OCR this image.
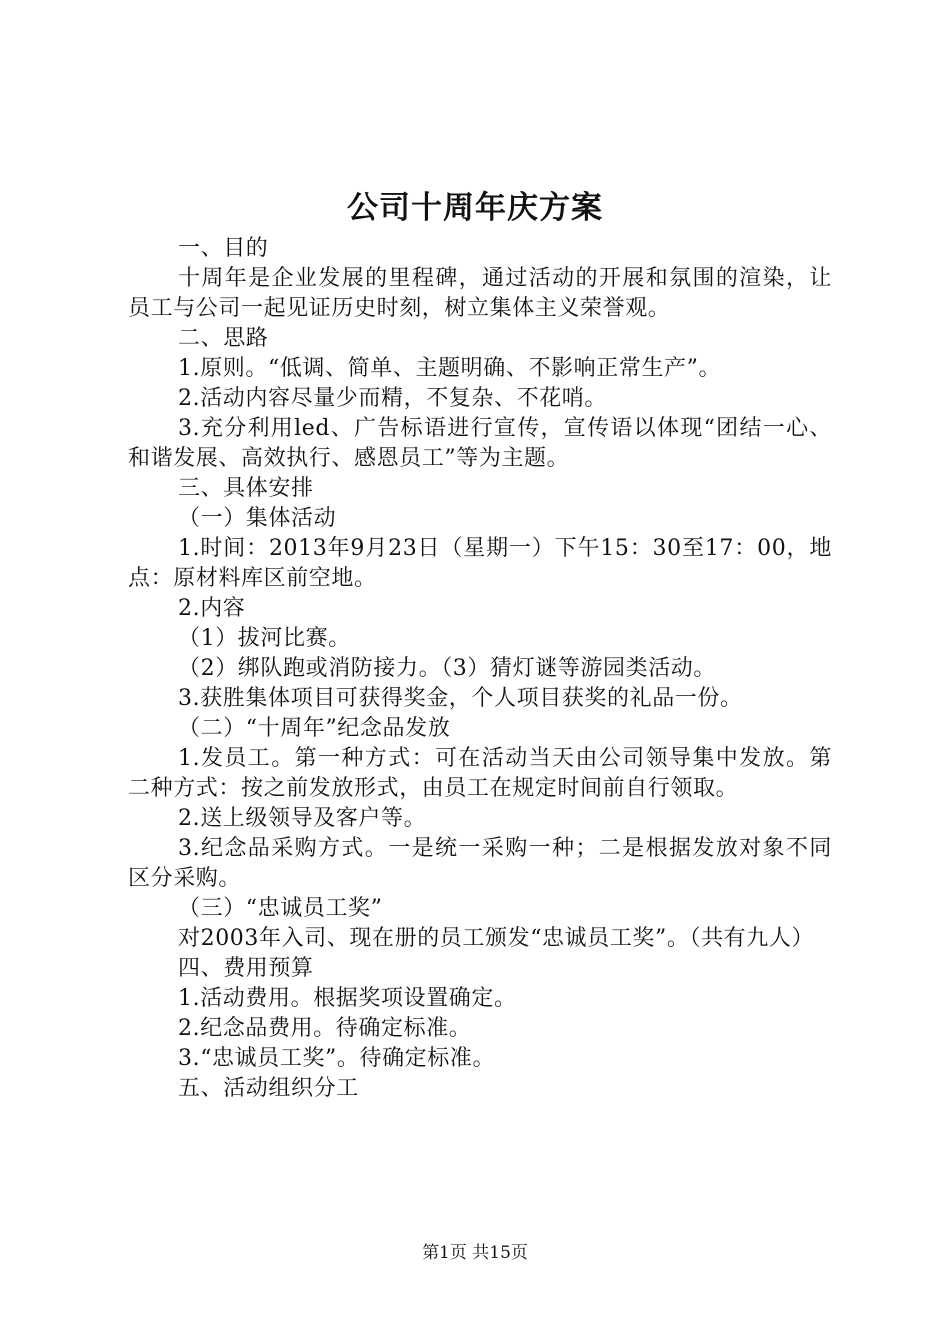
公司十周年庆方案

一、目的

十周年是企业发展的里程碑，通过活动的开展和氛围的渲染，让员工与公司一起见证历史时刻，树立集体主义荣誉观。

二、思路

1.原则。“低调、简单、主题明确、不影响正常生产”。

2.活动内容尽量少而精，不复杂、不花哨。

3.充分利用led、广告标语进行宣传，宣传语以体现“团结一心、和谐发展、高效执行、感恩员工”等为主题。

三、具体安排

（一）集体活动

1.时间：2013年9月23日（星期一）下午15：30至17：00，地点：原材料库区前空地。

2.内容

（1）拔河比赛。

（2）绑队跑或消防接力。（3）猜灯谜等游园类活动。

3.获胜集体项目可获得奖金，个人项目获奖的礼品一份。

（二）“十周年”纪念品发放

1.发员工。第一种方式：可在活动当天由公司领导集中发放。第二种方式：按之前发放形式，由员工在规定时间前自行领取。

2.送上级领导及客户等。

3.纪念品采购方式。一是统一采购一种；二是根据发放对象不同区分采购。

（三）“忠诚员工奖”

对2003年入司、现在册的员工颁发“忠诚员工奖”。（共有九人）

四、费用预算

1.活动费用。根据奖项设置确定。

2.纪念品费用。待确定标准。

3.“忠诚员工奖”。待确定标准。

五、活动组织分工

第1页 共15页
